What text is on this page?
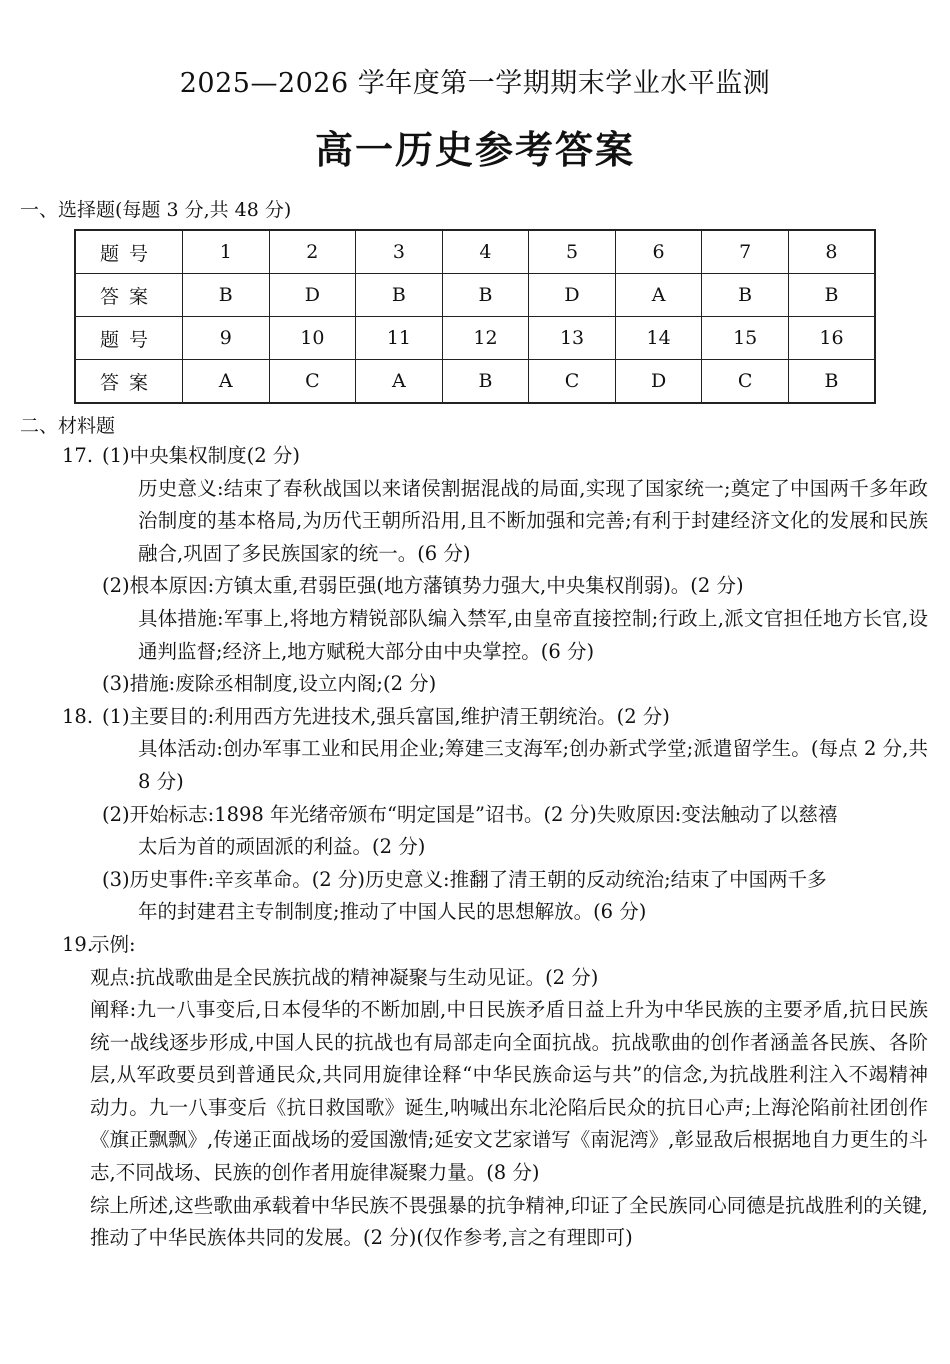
2025—2026 学年度第一学期期末学业水平监测
高一历史参考答案
一、选择题(每题 3 分,共 48 分)
题号	1	2	3	4	5	6	7	8
答案	B	D	B	B	D	A	B	B
题号	9	10	11	12	13	14	15	16
答案	A	C	A	B	C	D	C	B
二、材料题
17. (1)中央集权制度(2 分)
历史意义:结束了春秋战国以来诸侯割据混战的局面,实现了国家统一;奠定了中国两千多年政治制度的基本格局,为历代王朝所沿用,且不断加强和完善;有利于封建经济文化的发展和民族融合,巩固了多民族国家的统一。(6 分)
(2)根本原因:方镇太重,君弱臣强(地方藩镇势力强大,中央集权削弱)。(2 分)
具体措施:军事上,将地方精锐部队编入禁军,由皇帝直接控制;行政上,派文官担任地方长官,设通判监督;经济上,地方赋税大部分由中央掌控。(6 分)
(3)措施:废除丞相制度,设立内阁;(2 分)
18. (1)主要目的:利用西方先进技术,强兵富国,维护清王朝统治。(2 分)
具体活动:创办军事工业和民用企业;筹建三支海军;创办新式学堂;派遣留学生。(每点 2 分,共 8 分)
(2)开始标志:1898 年光绪帝颁布“明定国是”诏书。(2 分)失败原因:变法触动了以慈禧
太后为首的顽固派的利益。(2 分)
(3)历史事件:辛亥革命。(2 分)历史意义:推翻了清王朝的反动统治;结束了中国两千多
年的封建君主专制制度;推动了中国人民的思想解放。(6 分)
19.
示例:
观点:抗战歌曲是全民族抗战的精神凝聚与生动见证。(2 分)
阐释:九一八事变后,日本侵华的不断加剧,中日民族矛盾日益上升为中华民族的主要矛盾,抗日民族统一战线逐步形成,中国人民的抗战也有局部走向全面抗战。抗战歌曲的创作者涵盖各民族、各阶层,从军政要员到普通民众,共同用旋律诠释“中华民族命运与共”的信念,为抗战胜利注入不竭精神动力。九一八事变后《抗日救国歌》诞生,呐喊出东北沦陷后民众的抗日心声;上海沦陷前社团创作《旗正飘飘》,传递正面战场的爱国激情;延安文艺家谱写《南泥湾》,彰显敌后根据地自力更生的斗志,不同战场、民族的创作者用旋律凝聚力量。(8 分)
综上所述,这些歌曲承载着中华民族不畏强暴的抗争精神,印证了全民族同心同德是抗战胜利的关键,推动了中华民族体共同的发展。(2 分)(仅作参考,言之有理即可)
